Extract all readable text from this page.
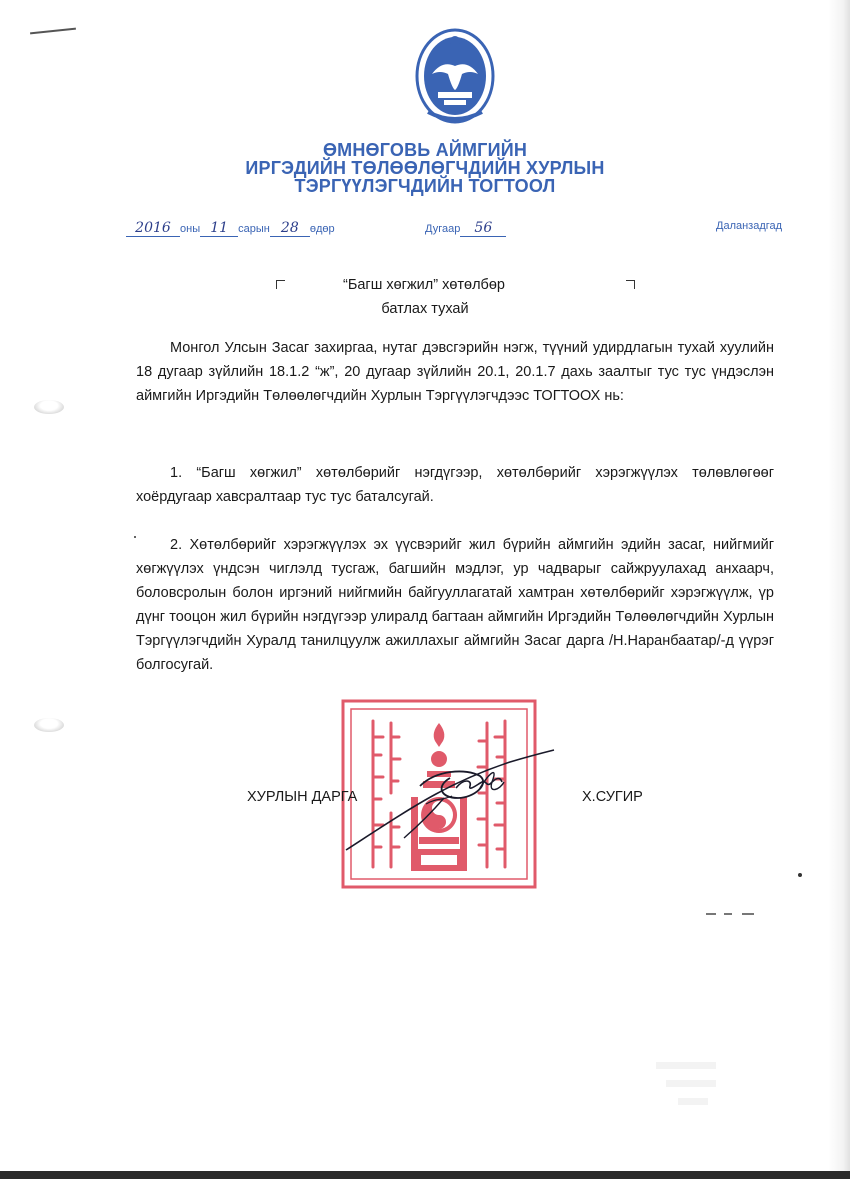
ӨМНӨГОВЬ АЙМГИЙН
ИРГЭДИЙН ТӨЛӨӨЛӨГЧДИЙН ХУРЛЫН
ТЭРГҮҮЛЭГЧДИЙН ТОГТООЛ
2016 оны 11 сарын 28 өдөр	Дугаар 56	Даланзадгад
“Багш хөгжил” хөтөлбөр
батлах тухай
Монгол Улсын Засаг захиргаа, нутаг дэвсгэрийн нэгж, түүний удирдлагын тухай хуулийн 18 дугаар зүйлийн 18.1.2 “ж”, 20 дугаар зүйлийн 20.1, 20.1.7 дахь заалтыг тус тус үндэслэн аймгийн Иргэдийн Төлөөлөгчдийн Хурлын Тэргүүлэгчдээс ТОГТООХ нь:
1. “Багш хөгжил” хөтөлбөрийг нэгдүгээр, хөтөлбөрийг хэрэгжүүлэх төлөвлөгөөг хоёрдугаар хавсралтаар тус тус баталсугай.
2. Хөтөлбөрийг хэрэгжүүлэх эх үүсвэрийг жил бүрийн аймгийн эдийн засаг, нийгмийг хөгжүүлэх үндсэн чиглэлд тусгаж, багшийн мэдлэг, ур чадварыг сайжруулахад анхаарч, боловсролын болон иргэний нийгмийн байгууллагатай хамтран хөтөлбөрийг хэрэгжүүлж, үр дүнг тооцон жил бүрийн нэгдүгээр улиралд багтаан аймгийн Иргэдийн Төлөөлөгчдийн Хурлын Тэргүүлэгчдийн Хуралд танилцуулж ажиллахыг аймгийн Засаг дарга /Н.Наранбаатар/-д үүрэг болгосугай.
ХУРЛЫН ДАРГА	Х.СУГИР
